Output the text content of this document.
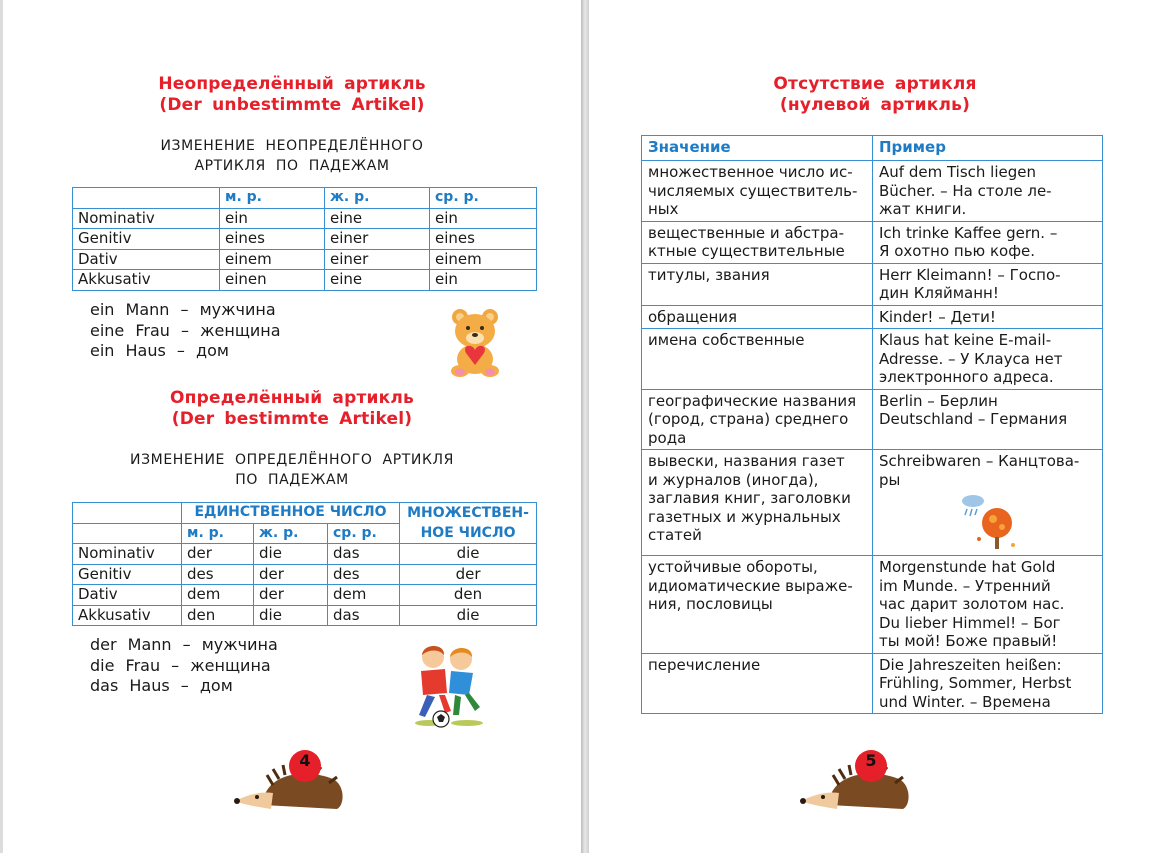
Неопределённый артикль
(Der unbestimmte Artikel)
ИЗМЕНЕНИЕ НЕОПРЕДЕЛЁННОГО
АРТИКЛЯ ПО ПАДЕЖАМ
	м. р.	ж. р.	ср. р.
Nominativ	ein	eine	ein
Genitiv	eines	einer	eines
Dativ	einem	einer	einem
Akkusativ	einen	eine	ein
ein Mann – мужчина
eine Frau – женщина
ein Haus – дом
Определённый артикль
(Der bestimmte Artikel)
ИЗМЕНЕНИЕ ОПРЕДЕЛЁННОГО АРТИКЛЯ
ПО ПАДЕЖАМ
	ЕДИНСТВЕННОЕ ЧИСЛО			МНОЖЕСТВЕН-
НОЕ ЧИСЛО

	м. р.	ж. р.	ср. р.	
Nominativ	der	die	das	die
Genitiv	des	der	des	der
Dativ	dem	der	dem	den
Akkusativ	den	die	das	die
der Mann – мужчина
die Frau – женщина
das Haus – дом
4
Отсутствие артикля
(нулевой артикль)
Значение	Пример
множественное число ис-
числяемых существитель-
ных	Auf dem Tisch liegen
Bücher. – На столе ле-
жат книги.
вещественные и абстра-
ктные существительные	Ich trinke Kaffee gern. –
Я охотно пью кофе.
титулы, звания	Herr Kleimann! – Госпо-
дин Кляйманн!
обращения	Kinder! – Дети!
имена собственные	Klaus hat keine E-mail-
Adresse. – У Клауса нет
электронного адреса.
географические названия
(город, страна) среднего
рода	Berlin – Берлин
Deutschland – Германия
вывески, названия газет
и журналов (иногда),
заглавия книг, заголовки
газетных и журнальных
статей	Schreibwaren – Канцтова-
ры

устойчивые обороты,
идиоматические выраже-
ния, пословицы	Morgenstunde hat Gold
im Munde. – Утренний
час дарит золотом нас.
Du lieber Himmel! – Бог
ты мой! Боже правый!
перечисление	Die Jahreszeiten heißen:
Frühling, Sommer, Herbst
und Winter. – Времена
5
